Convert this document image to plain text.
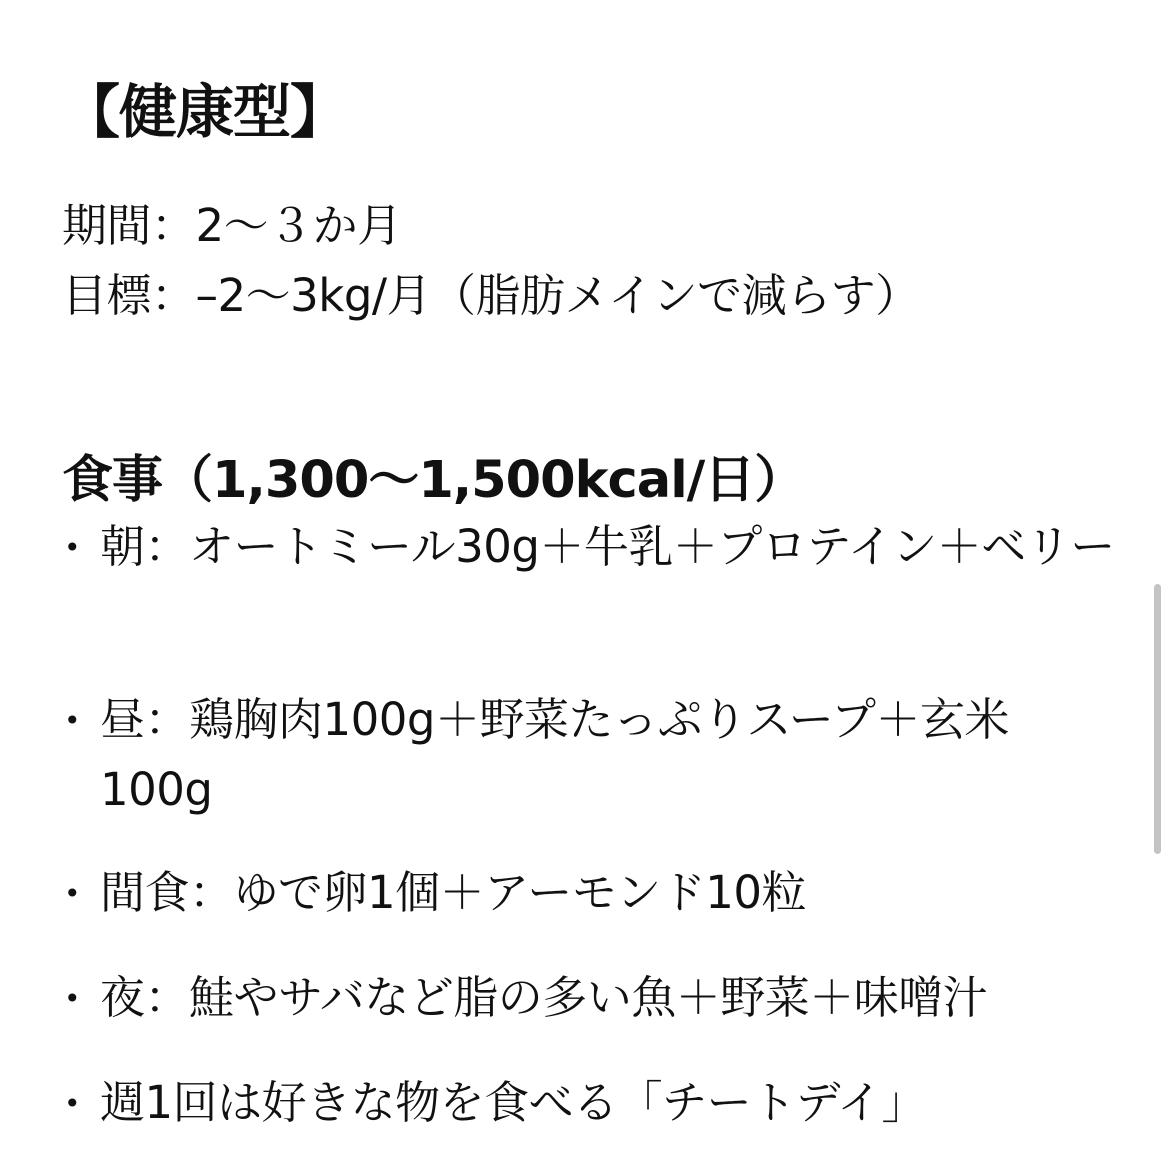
【健康型】
期間：2〜３か月
目標：–2〜3kg/月（脂肪メインで減らす）
食事（1,300〜1,500kcal/日）
• 朝：オートミール30g＋牛乳＋プロテイン＋ベリー
• 昼：鶏胸肉100g＋野菜たっぷりスープ＋玄米100g
• 間食：ゆで卵1個＋アーモンド10粒
• 夜：鮭やサバなど脂の多い魚＋野菜＋味噌汁
• 週1回は好きな物を食べる「チートデイ」
